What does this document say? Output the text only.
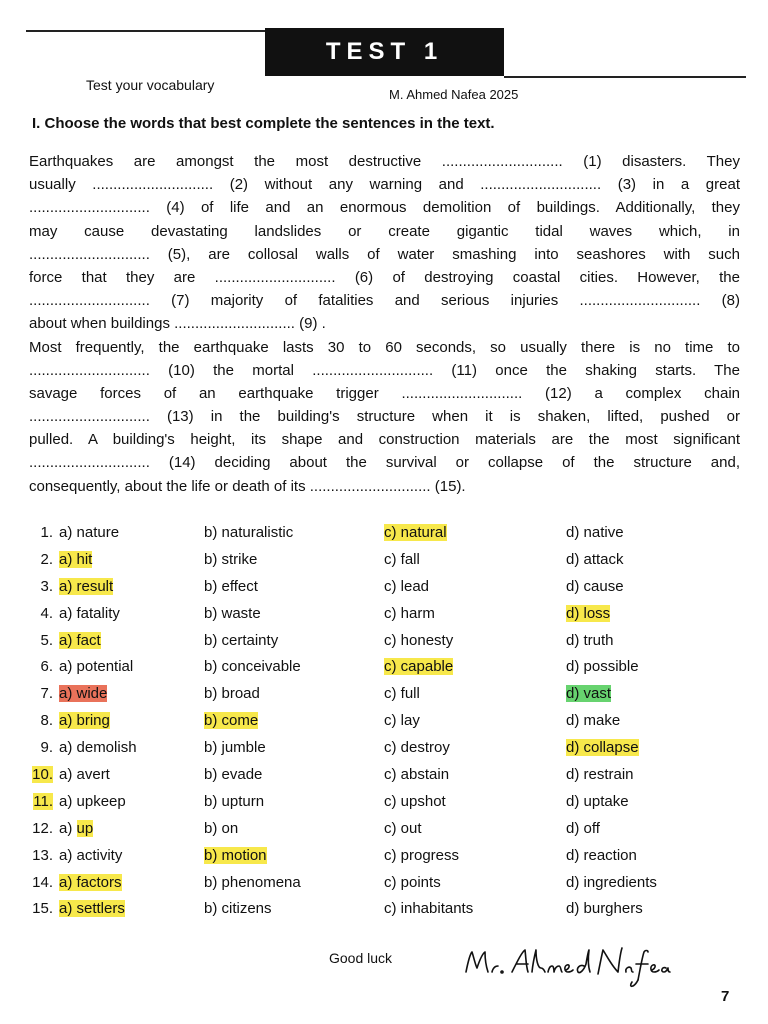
TEST 1
Test your vocabulary
M. Ahmed Nafea 2025
I. Choose the words that best complete the sentences in the text.
Earthquakes are amongst the most destructive ............................. (1) disasters. They
usually ............................. (2) without any warning and ............................. (3) in a great
............................. (4) of life and an enormous demolition of buildings. Additionally, they
may cause devastating landslides or create gigantic tidal waves which, in
............................. (5), are collosal walls of water smashing into seashores with such
force that they are ............................. (6) of destroying coastal cities. However, the
............................. (7) majority of fatalities and serious injuries ............................. (8)
about when buildings ............................. (9) .
Most frequently, the earthquake lasts 30 to 60 seconds, so usually there is no time to
............................. (10) the mortal ............................. (11) once the shaking starts. The
savage forces of an earthquake trigger ............................. (12) a complex chain
............................. (13) in the building's structure when it is shaken, lifted, pushed or
pulled. A building's height, its shape and construction materials are the most significant
............................. (14) deciding about the survival or collapse of the structure and,
consequently, about the life or death of its ............................. (15).
1. a) nature	b) naturalistic	c) natural	d) native
2. a) hit	b) strike	c) fall	d) attack
3. a) result	b) effect	c) lead	d) cause
4. a) fatality	b) waste	c) harm	d) loss
5. a) fact	b) certainty	c) honesty	d) truth
6. a) potential	b) conceivable	c) capable	d) possible
7. a) wide	b) broad	c) full	d) vast
8. a) bring	b) come	c) lay	d) make
9. a) demolish	b) jumble	c) destroy	d) collapse
10. a) avert	b) evade	c) abstain	d) restrain
11. a) upkeep	b) upturn	c) upshot	d) uptake
12. a) up	b) on	c) out	d) off
13. a) activity	b) motion	c) progress	d) reaction
14. a) factors	b) phenomena	c) points	d) ingredients
15. a) settlers	b) citizens	c) inhabitants	d) burghers
Good luck
7
